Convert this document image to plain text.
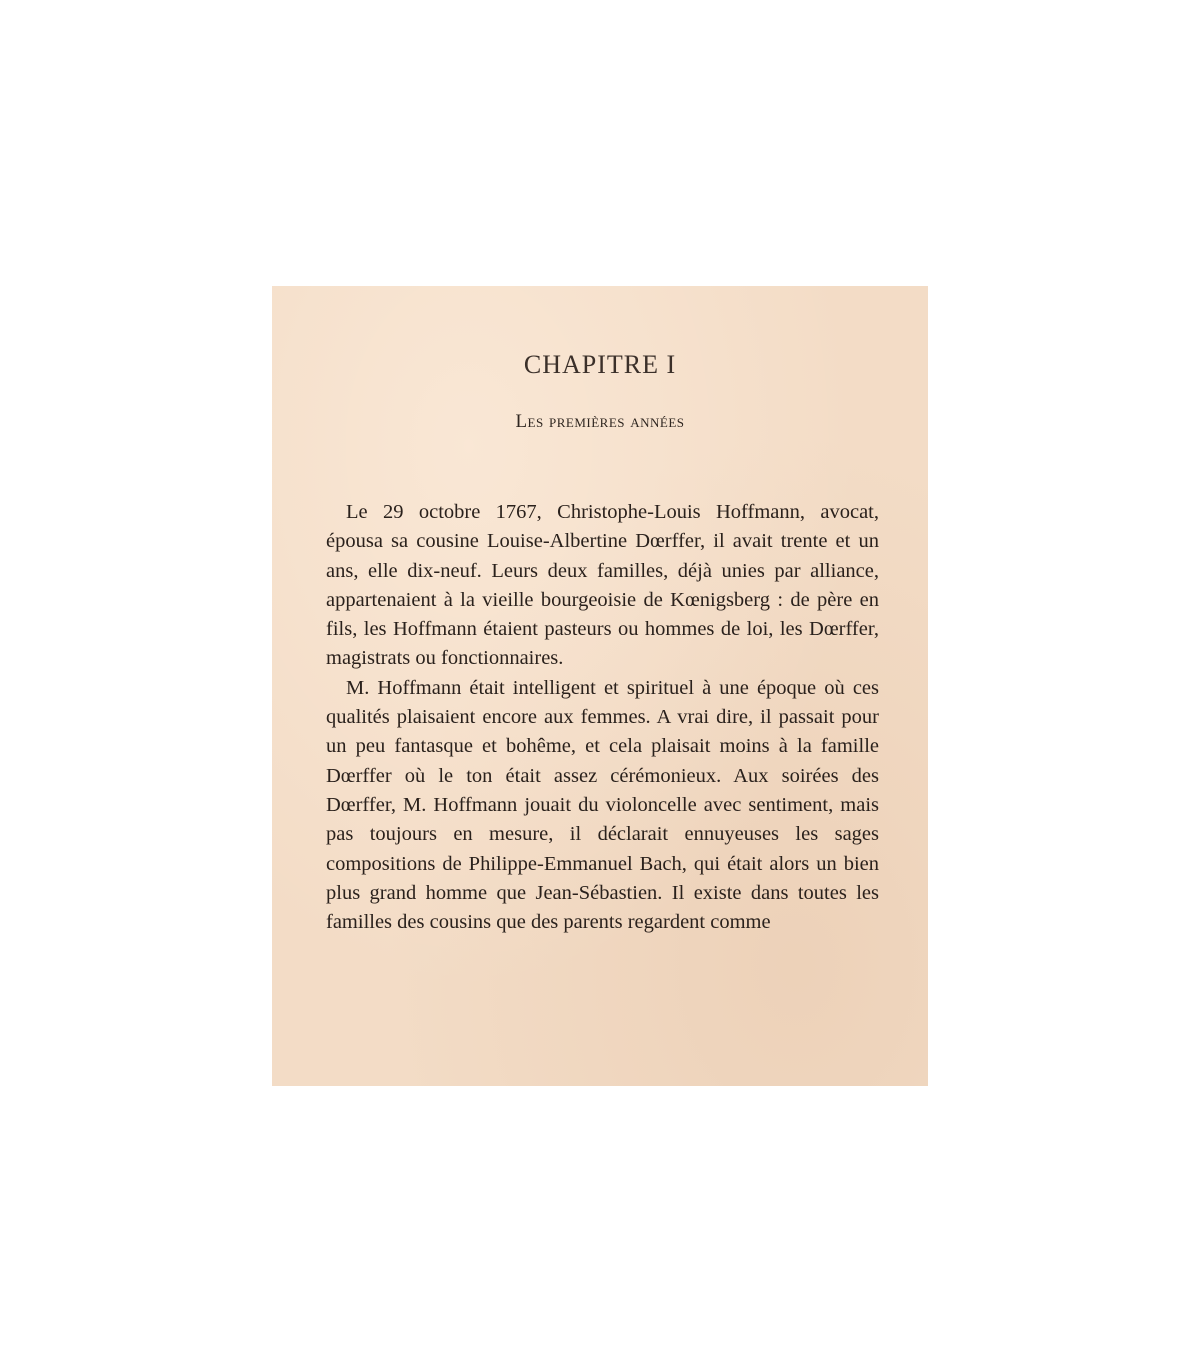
CHAPITRE I
Les premières années

Le 29 octobre 1767, Christophe-Louis Hoffmann, avocat, épousa sa cousine Louise-Albertine Dœrffer, il avait trente et un ans, elle dix-neuf. Leurs deux familles, déjà unies par alliance, appartenaient à la vieille bourgeoisie de Kœnigsberg : de père en fils, les Hoffmann étaient pasteurs ou hommes de loi, les Dœrffer, magistrats ou fonctionnaires.

M. Hoffmann était intelligent et spirituel à une époque où ces qualités plaisaient encore aux femmes. A vrai dire, il passait pour un peu fantasque et bohême, et cela plaisait moins à la famille Dœrffer où le ton était assez cérémonieux. Aux soirées des Dœrffer, M. Hoffmann jouait du violoncelle avec sentiment, mais pas toujours en mesure, il déclarait ennuyeuses les sages compositions de Philippe-Emmanuel Bach, qui était alors un bien plus grand homme que Jean-Sébastien. Il existe dans toutes les familles des cousins que des parents regardent comme
